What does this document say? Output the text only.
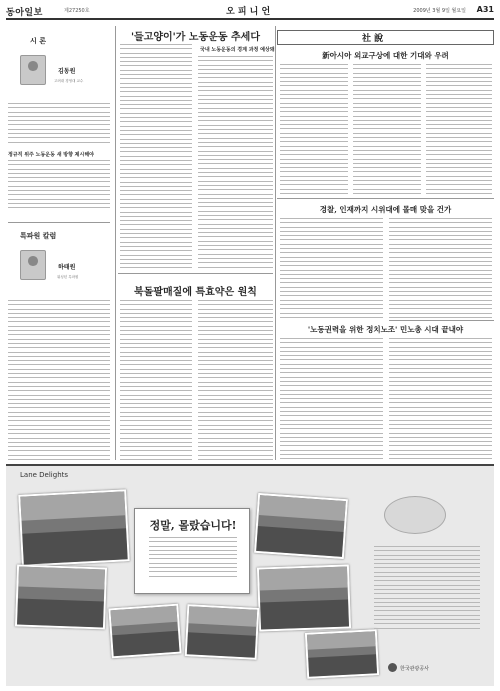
동아일보	제27250호	오 피 니 언	2009년 3월 9일 월요일 A31
시 론
김동원
고려대 경영대 교수
정규직 위주 노동운동 새 방향 제시해야
특파원 칼럼
하태원
워싱턴 특파원
'들고양이'가 노동운동 추세다
국내 노동운동의 경계 과정 예상돼
북돌팔매질에 특효약은 원칙
社 說
新아시아 외교구상에 대한 기대와 우려
경찰, 인재까지 시위대에 몰매 맞을 건가
'노동권력을 위한 정치노조' 민노총 시대 끝내야
Lane Delights
정말, 몰랐습니다!
한국관광공사
